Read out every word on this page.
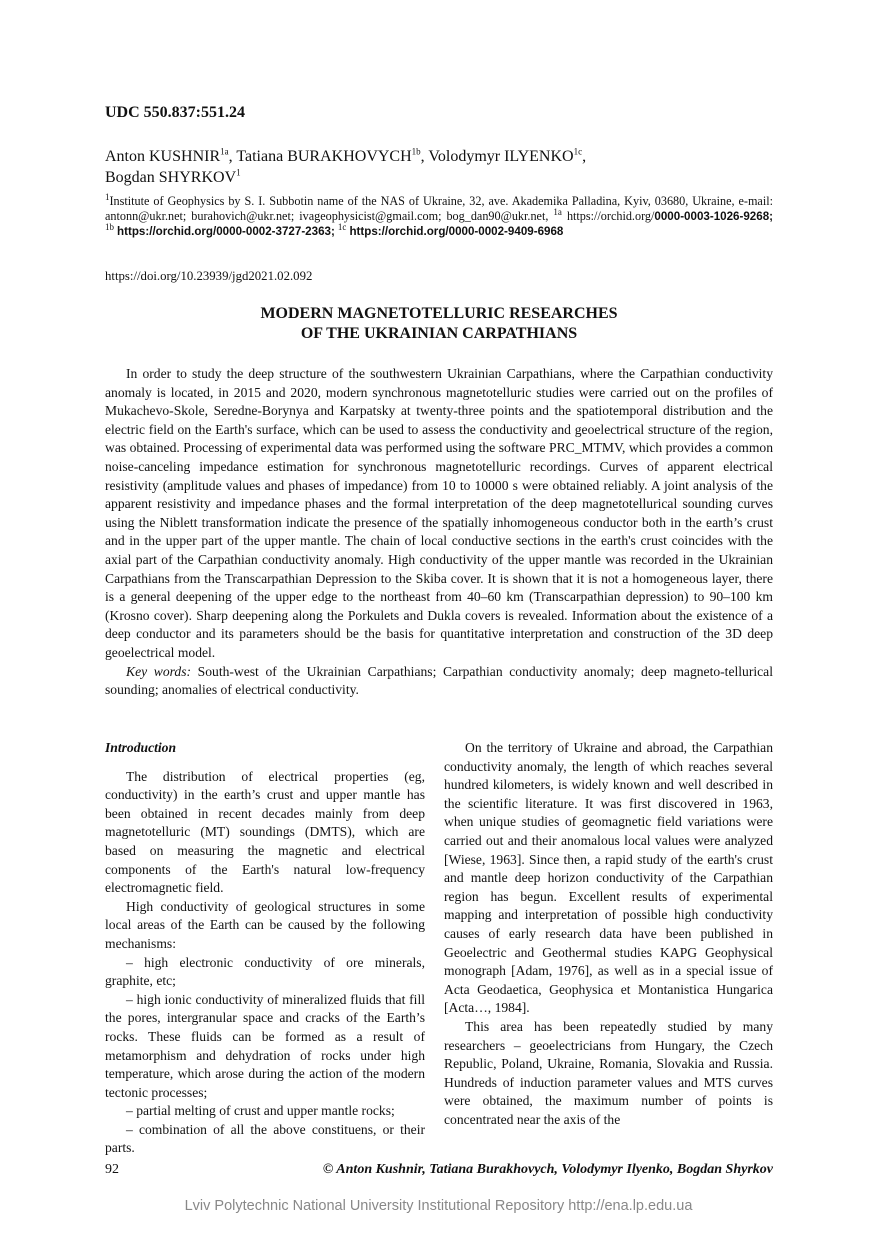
UDC 550.837:551.24
Anton $KUSHNIR^{1a}$, Tatiana $BURAKHOVYCH^{1b}$, Volodymyr $ILYENKO^{1c}$,
Bogdan SHYRKOV$^1$
$^1$Institute of Geophysics by S. I. Subbotin name of the NAS of Ukraine, 32, ave. Akademika Palladina, Kyiv, 03680, Ukraine, e-mail: antonn@ukr.net; burahovich@ukr.net; ivageophysicist@gmail.com; bog_dan90@ukr.net, $^{1a}$ https://orchid.org/0000-0003-1026-9268; $^{1b}$ https://orchid.org/0000-0002-3727-2363; $^{1c}$ https://orchid.org/0000-0002-9409-6968
https://doi.org/10.23939/jgd2021.02.092
MODERN MAGNETOTELLURIC RESEARCHES
OF THE UKRAINIAN CARPATHIANS

In order to study the deep structure of the southwestern Ukrainian Carpathians, where the Carpathian conductivity anomaly is located, in 2015 and 2020, modern synchronous magnetotelluric studies were carried out on the profiles of Mukachevo-Skole, Seredne-Borynya and Karpatsky at twenty-three points and the spatiotemporal distribution and the electric field on the Earth's surface, which can be used to assess the conductivity and geoelectrical structure of the region, was obtained. Processing of experimental data was performed using the software PRC_MTMV, which provides a common noise-canceling impedance estimation for synchronous magnetotelluric recordings. Curves of apparent electrical resistivity (amplitude values and phases of impedance) from 10 to 10000 s were obtained reliably. A joint analysis of the apparent resistivity and impedance phases and the formal interpretation of the deep magnetotellurical sounding curves using the Niblett transformation indicate the presence of the spatially inhomogeneous conductor both in the earth’s crust and in the upper part of the upper mantle. The chain of local conductive sections in the earth's crust coincides with the axial part of the Carpathian conductivity anomaly. High conductivity of the upper mantle was recorded in the Ukrainian Carpathians from the Transcarpathian Depression to the Skiba cover. It is shown that it is not a homogeneous layer, there is a general deepening of the upper edge to the northeast from 40–60 km (Transcarpathian depression) to 90–100 km (Krosno cover). Sharp deepening along the Porkulets and Dukla covers is revealed. Information about the existence of a deep conductor and its parameters should be the basis for quantitative interpretation and construction of the 3D deep geoelectrical model.

Key words: South-west of the Ukrainian Carpathians; Carpathian conductivity anomaly; deep magneto-tellurical sounding; anomalies of electrical conductivity.

Introduction

The distribution of electrical properties (eg, conductivity) in the earth’s crust and upper mantle has been obtained in recent decades mainly from deep magnetotelluric (MT) soundings (DMTS), which are based on measuring the magnetic and electrical components of the Earth's natural low-frequency electromagnetic field.

High conductivity of geological structures in some local areas of the Earth can be caused by the following mechanisms:

– high electronic conductivity of ore minerals, graphite, etc;

– high ionic conductivity of mineralized fluids that fill the pores, intergranular space and cracks of the Earth’s rocks. These fluids can be formed as a result of metamorphism and dehydration of rocks under high temperature, which arose during the action of the modern tectonic processes;

– partial melting of crust and upper mantle rocks;

– combination of all the above constituens, or their parts.

On the territory of Ukraine and abroad, the Carpathian conductivity anomaly, the length of which reaches several hundred kilometers, is widely known and well described in the scientific literature. It was first discovered in 1963, when unique studies of geomagnetic field variations were carried out and their anomalous local values were analyzed [Wiese, 1963]. Since then, a rapid study of the earth's crust and mantle deep horizon conductivity of the Carpathian region has begun. Excellent results of experimental mapping and interpretation of possible high conductivity causes of early research data have been published in Geoelectric and Geothermal studies KAPG Geophysical monograph [Adam, 1976], as well as in a special issue of Acta Geodaetica, Geophysica et Montanistica Hungarica [Acta…, 1984].

This area has been repeatedly studied by many researchers – geoelectricians from Hungary, the Czech Republic, Poland, Ukraine, Romania, Slovakia and Russia. Hundreds of induction parameter values and MTS curves were obtained, the maximum number of points is concentrated near the axis of the

92	© Anton Kushnir, Tatiana Burakhovych, Volodymyr Ilyenko, Bogdan Shyrkov
Lviv Polytechnic National University Institutional Repository http://ena.lp.edu.ua
